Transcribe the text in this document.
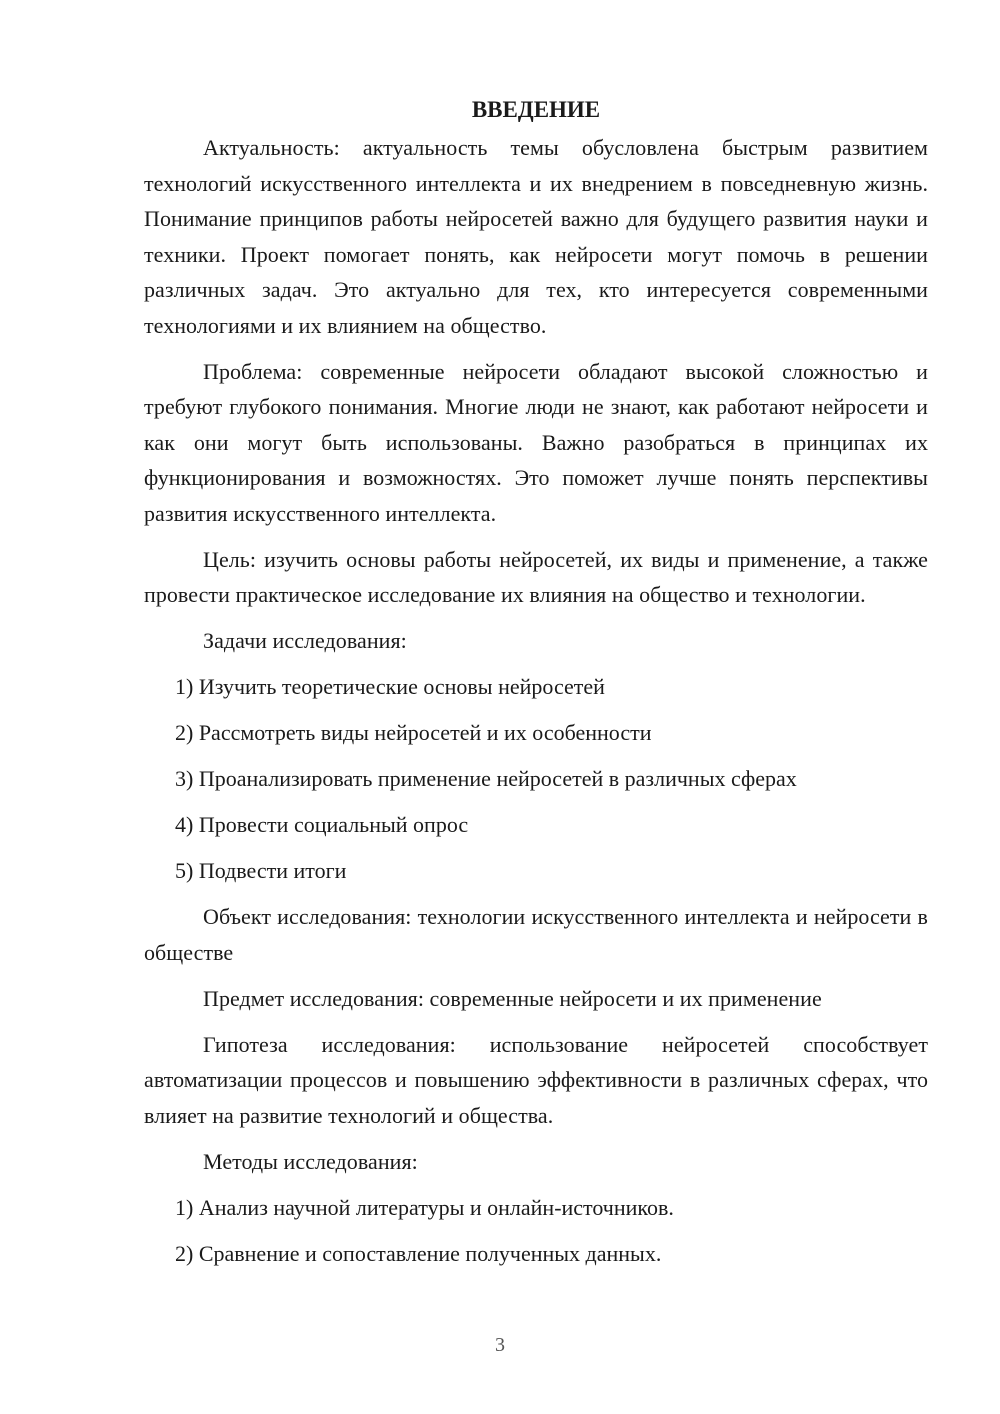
ВВЕДЕНИЕ

Актуальность: актуальность темы обусловлена быстрым развитием технологий искусственного интеллекта и их внедрением в повседневную жизнь. Понимание принципов работы нейросетей важно для будущего развития науки и техники. Проект помогает понять, как нейросети могут помочь в решении различных задач. Это актуально для тех, кто интересуется современными технологиями и их влиянием на общество.

Проблема: современные нейросети обладают высокой сложностью и требуют глубокого понимания. Многие люди не знают, как работают нейросети и как они могут быть использованы. Важно разобраться в принципах их функционирования и возможностях. Это поможет лучше понять перспективы развития искусственного интеллекта.

Цель: изучить основы работы нейросетей, их виды и применение, а также провести практическое исследование их влияния на общество и технологии.

Задачи исследования:

1) Изучить теоретические основы нейросетей
2) Рассмотреть виды нейросетей и их особенности
3) Проанализировать применение нейросетей в различных сферах
4) Провести социальный опрос
5) Подвести итоги

Объект исследования: технологии искусственного интеллекта и нейросети в обществе

Предмет исследования: современные нейросети и их применение

Гипотеза исследования: использование нейросетей способствует автоматизации процессов и повышению эффективности в различных сферах, что влияет на развитие технологий и общества.

Методы исследования:

1) Анализ научной литературы и онлайн-источников.
2) Сравнение и сопоставление полученных данных.
3
